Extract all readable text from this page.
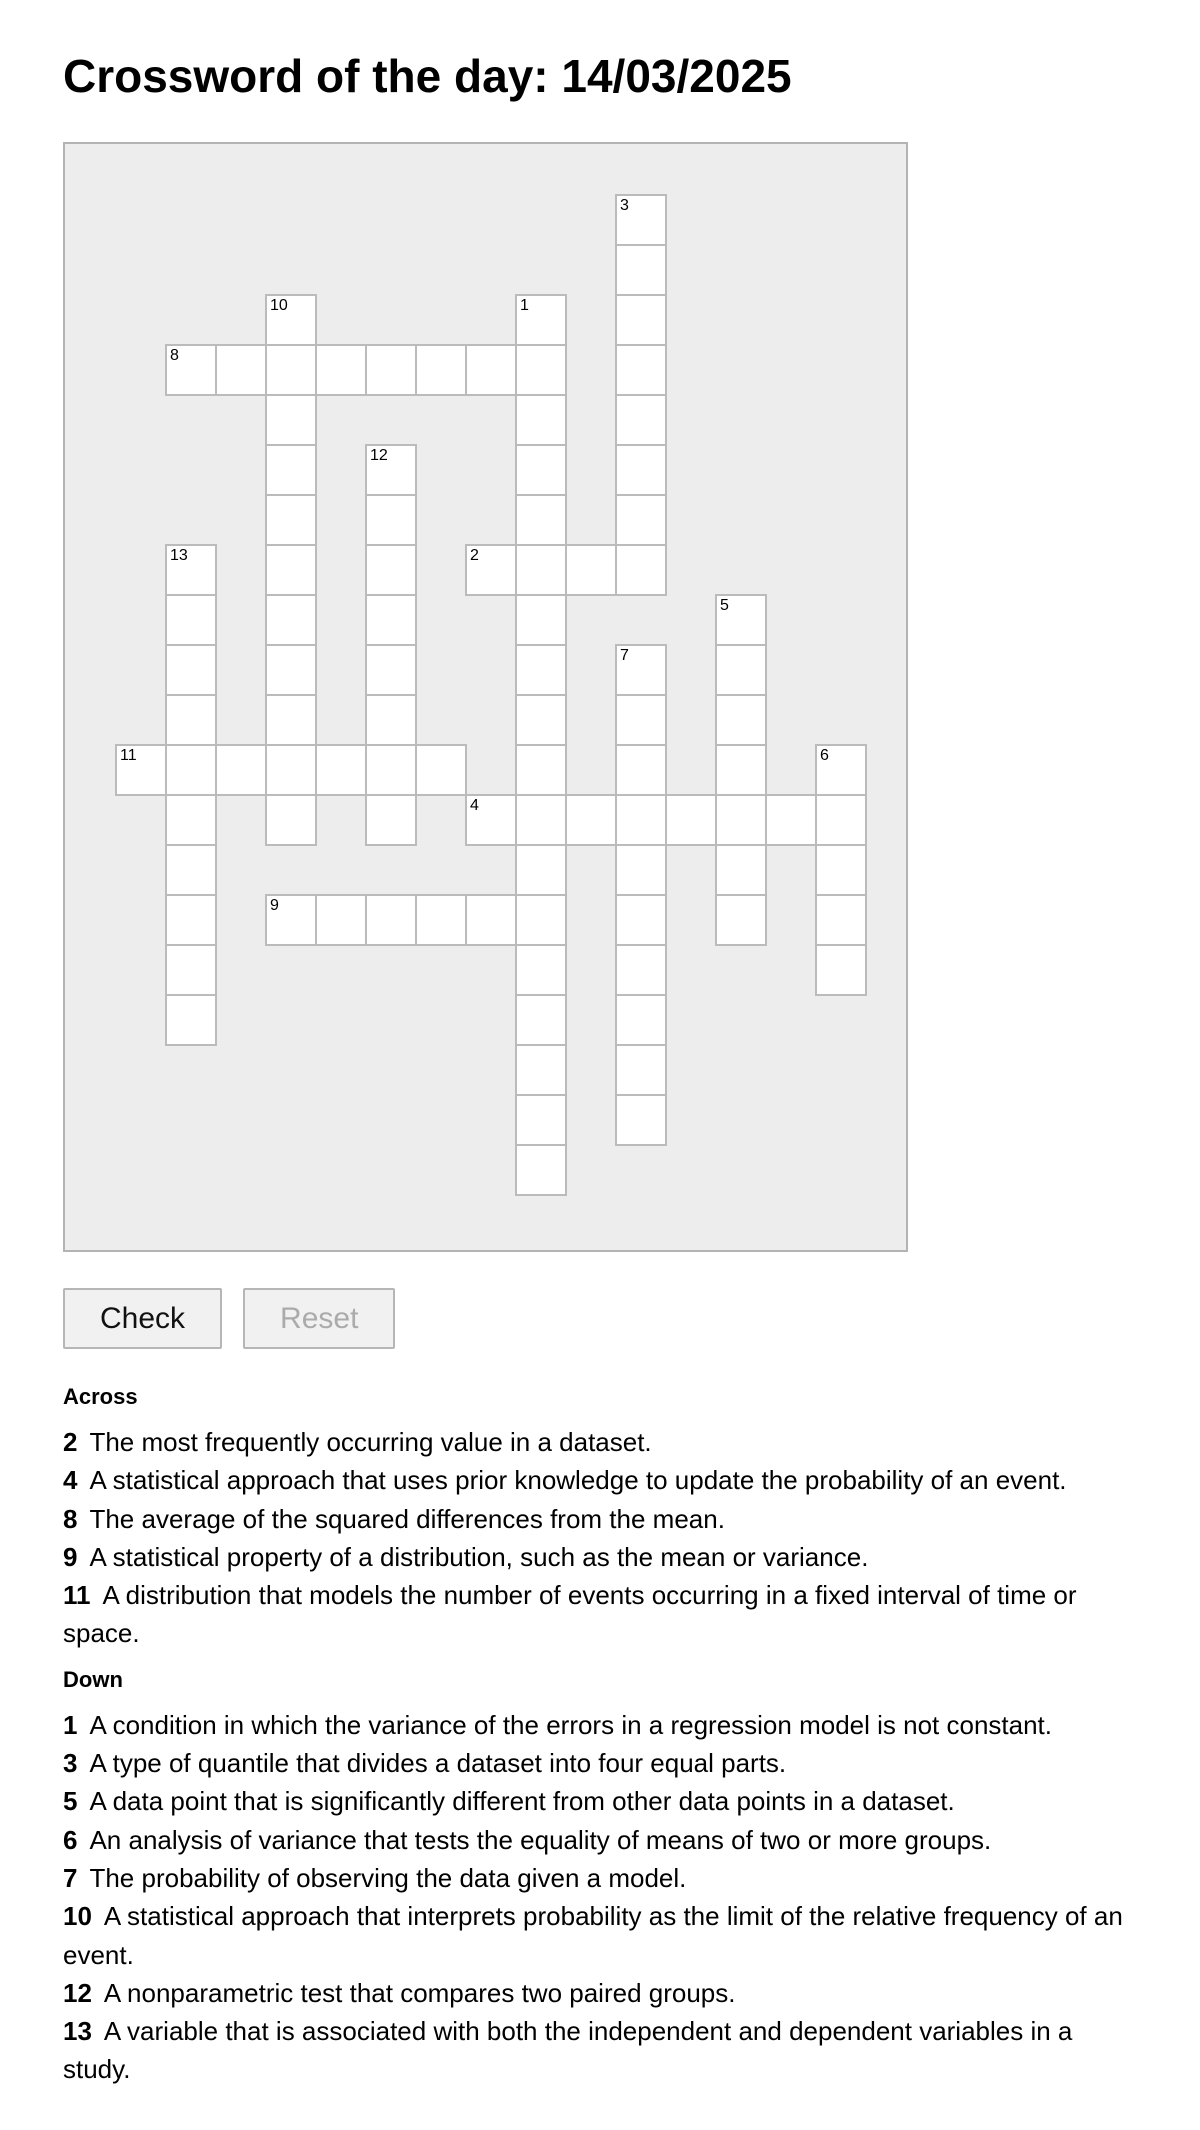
Crossword of the day: 14/03/2025
3
10	1
8
12
13	2
5
7
11	6
4
9
Check	Reset
Across

2 The most frequently occurring value in a dataset.

4 A statistical approach that uses prior knowledge to update the probability of an event.

8 The average of the squared differences from the mean.

9 A statistical property of a distribution, such as the mean or variance.

11 A distribution that models the number of events occurring in a fixed interval of time or space.

Down

1 A condition in which the variance of the errors in a regression model is not constant.

3 A type of quantile that divides a dataset into four equal parts.

5 A data point that is significantly different from other data points in a dataset.

6 An analysis of variance that tests the equality of means of two or more groups.

7 The probability of observing the data given a model.

10 A statistical approach that interprets probability as the limit of the relative frequency of an event.

12 A nonparametric test that compares two paired groups.

13 A variable that is associated with both the independent and dependent variables in a study.
